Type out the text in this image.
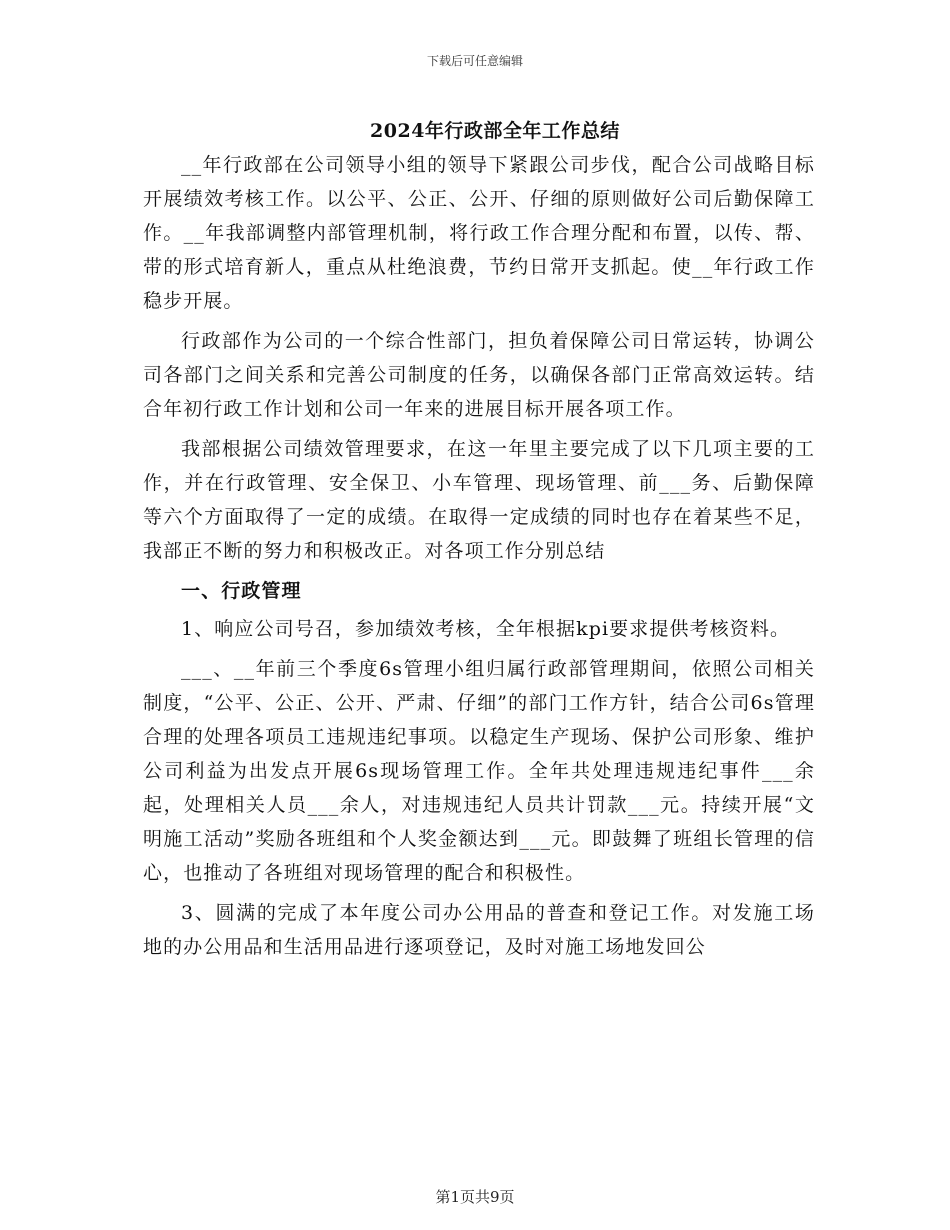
下载后可任意编辑
2024年行政部全年工作总结

__年行政部在公司领导小组的领导下紧跟公司步伐，配合公司战略目标开展绩效考核工作。以公平、公正、公开、仔细的原则做好公司后勤保障工作。__年我部调整内部管理机制，将行政工作合理分配和布置，以传、帮、带的形式培育新人，重点从杜绝浪费，节约日常开支抓起。使__年行政工作稳步开展。

行政部作为公司的一个综合性部门，担负着保障公司日常运转，协调公司各部门之间关系和完善公司制度的任务，以确保各部门正常高效运转。结合年初行政工作计划和公司一年来的进展目标开展各项工作。

我部根据公司绩效管理要求，在这一年里主要完成了以下几项主要的工作，并在行政管理、安全保卫、小车管理、现场管理、前___务、后勤保障等六个方面取得了一定的成绩。在取得一定成绩的同时也存在着某些不足，我部正不断的努力和积极改正。对各项工作分别总结

一、行政管理

1、响应公司号召，参加绩效考核，全年根据kpi要求提供考核资料。

___、__年前三个季度6s管理小组归属行政部管理期间，依照公司相关制度，“公平、公正、公开、严肃、仔细”的部门工作方针，结合公司6s管理合理的处理各项员工违规违纪事项。以稳定生产现场、保护公司形象、维护公司利益为出发点开展6s现场管理工作。全年共处理违规违纪事件___余起，处理相关人员___余人，对违规违纪人员共计罚款___元。持续开展“文明施工活动”奖励各班组和个人奖金额达到___元。即鼓舞了班组长管理的信心，也推动了各班组对现场管理的配合和积极性。

3、圆满的完成了本年度公司办公用品的普查和登记工作。对发施工场地的办公用品和生活用品进行逐项登记，及时对施工场地发回公

第1页共9页
